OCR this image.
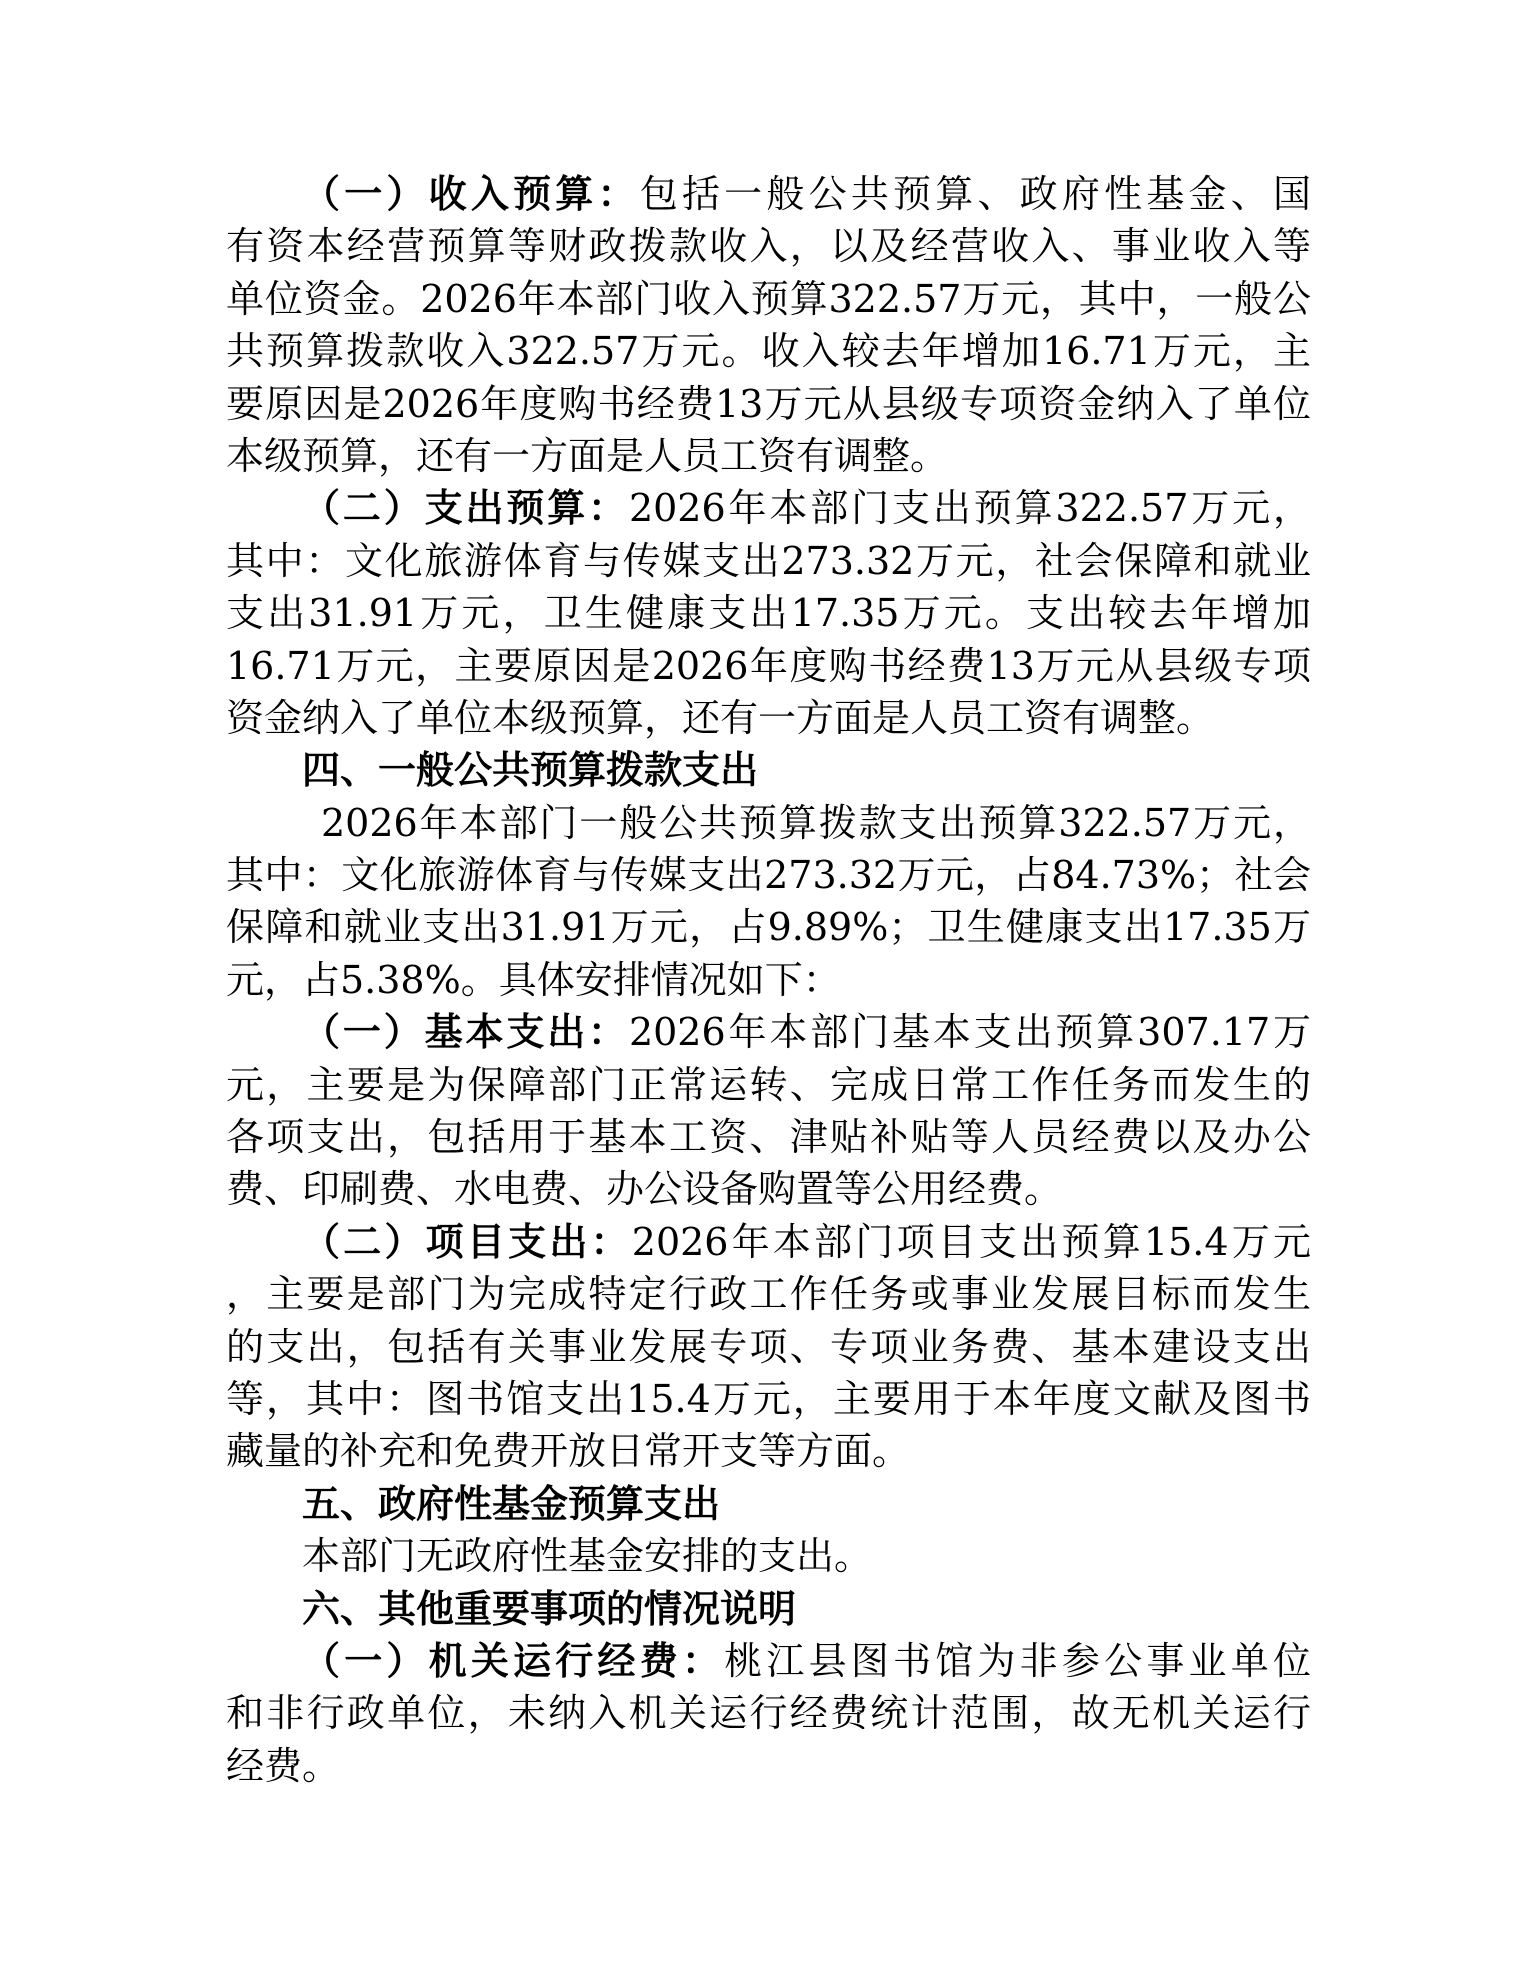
（一）收入预算：包括一般公共预算、政府性基金、国
有资本经营预算等财政拨款收入，以及经营收入、事业收入等
单位资金。2026年本部门收入预算322.57万元，其中，一般公
共预算拨款收入322.57万元。收入较去年增加16.71万元，主
要原因是2026年度购书经费13万元从县级专项资金纳入了单位
本级预算，还有一方面是人员工资有调整。
（二）支出预算：2026年本部门支出预算322.57万元，
其中：文化旅游体育与传媒支出273.32万元，社会保障和就业
支出31.91万元，卫生健康支出17.35万元。支出较去年增加
16.71万元，主要原因是2026年度购书经费13万元从县级专项
资金纳入了单位本级预算，还有一方面是人员工资有调整。
四、一般公共预算拨款支出
2026年本部门一般公共预算拨款支出预算322.57万元，
其中：文化旅游体育与传媒支出273.32万元，占84.73%；社会
保障和就业支出31.91万元，占9.89%；卫生健康支出17.35万
元，占5.38%。具体安排情况如下：
（一）基本支出：2026年本部门基本支出预算307.17万
元，主要是为保障部门正常运转、完成日常工作任务而发生的
各项支出，包括用于基本工资、津贴补贴等人员经费以及办公
费、印刷费、水电费、办公设备购置等公用经费。
（二）项目支出：2026年本部门项目支出预算15.4万元
，主要是部门为完成特定行政工作任务或事业发展目标而发生
的支出，包括有关事业发展专项、专项业务费、基本建设支出
等，其中：图书馆支出15.4万元，主要用于本年度文献及图书
藏量的补充和免费开放日常开支等方面。
五、政府性基金预算支出
本部门无政府性基金安排的支出。
六、其他重要事项的情况说明
（一）机关运行经费：桃江县图书馆为非参公事业单位
和非行政单位，未纳入机关运行经费统计范围，故无机关运行
经费。
